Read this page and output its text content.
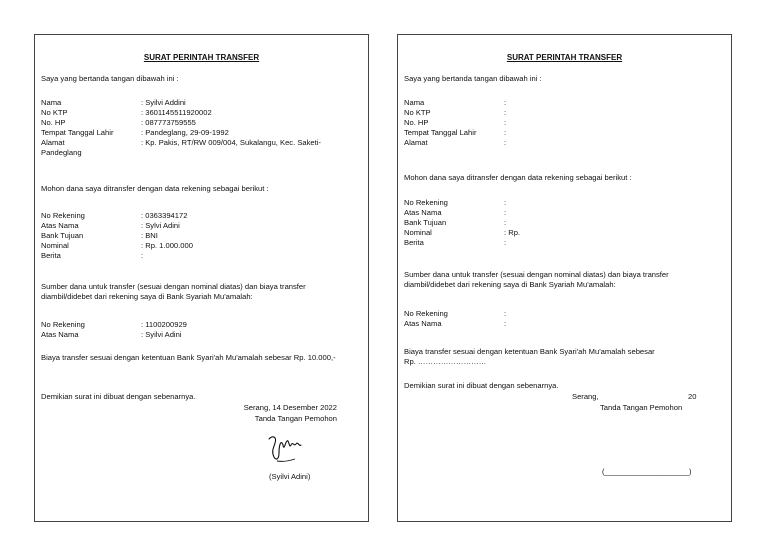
SURAT PERINTAH TRANSFER
Saya yang bertanda tangan dibawah ini :
Nama	: Syilvi Addini
No KTP	: 3601145511920002
No. HP	: 087773759555
Tempat Tanggal Lahir	: Pandeglang, 29-09-1992
Alamat	: Kp. Pakis, RT/RW 009/004, Sukalangu, Kec. Saketi-
Pandeglang
Mohon dana saya ditransfer dengan data rekening sebagai berikut :
No Rekening	: 0363394172
Atas Nama	: Sylvi Adini
Bank Tujuan	: BNI
Nominal	: Rp. 1.000.000
Berita	:
Sumber dana untuk transfer (sesuai dengan nominal diatas) dan biaya transfer diambil/didebet dari rekening saya di Bank Syariah Mu'amalah:
No Rekening	: 1100200929
Atas Nama	: Syilvi Adini
Biaya transfer sesuai dengan ketentuan Bank Syari'ah Mu'amalah sebesar Rp. 10.000,-
Demikian surat ini dibuat dengan sebenarnya.
Serang, 14 Desember 2022
Tanda Tangan Pemohon
(Syilvi Adini)
SURAT PERINTAH TRANSFER
Saya yang bertanda tangan dibawah ini :
Nama	:
No KTP	:
No. HP	:
Tempat Tanggal Lahir	:
Alamat	:
Mohon dana saya ditransfer dengan data rekening sebagai berikut :
No Rekening	:
Atas Nama	:
Bank Tujuan	:
Nominal	: Rp.
Berita	:
Sumber dana untuk transfer (sesuai dengan nominal diatas) dan biaya transfer diambil/didebet dari rekening saya di Bank Syariah Mu'amalah:
No Rekening	:
Atas Nama	:
Biaya transfer sesuai dengan ketentuan Bank Syari'ah Mu'amalah sebesar
Rp. ………………………
Demikian surat ini dibuat dengan sebenarnya.
Serang,	20
Tanda Tangan Pemohon
(____________________)
